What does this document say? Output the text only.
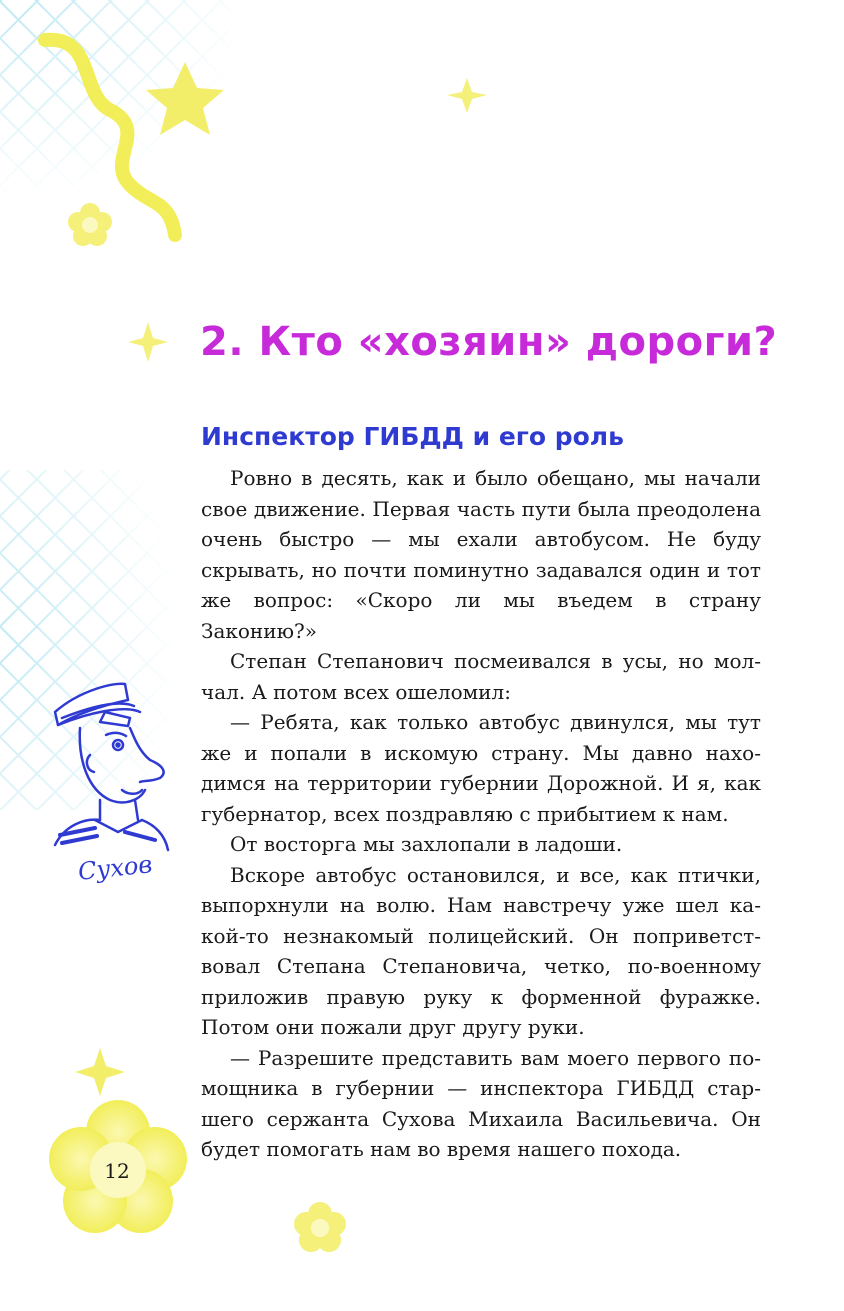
2. Кто «хозяин» дороги?
Инспектор ГИБДД и его роль

Ровно в десять, как и было обещано, мы начали свое движение. Первая часть пути была преодолена очень быстро — мы ехали автобусом. Не буду скрывать, но почти поминутно задавался один и тот же вопрос: «Скоро ли мы въедем в страну Законию?»

Степан Степанович посмеивался в усы, но молчал. А потом всех ошеломил:

— Ребята, как только автобус двинулся, мы тут же и попали в искомую страну. Мы давно находимся на территории губернии Дорожной. И я, как губернатор, всех поздравляю с прибытием к нам.

От восторга мы захлопали в ладоши.

Вскоре автобус остановился, и все, как птички, выпорхнули на волю. Нам навстречу уже шел какой-то незнакомый полицейский. Он поприветствовал Степана Степановича, четко, по-военному приложив правую руку к форменной фуражке. Потом они пожали друг другу руки.

— Разрешите представить вам моего первого помощника в губернии — инспектора ГИБДД старшего сержанта Сухова Михаила Васильевича. Он будет помогать нам во время нашего похода.

Сухов
12
